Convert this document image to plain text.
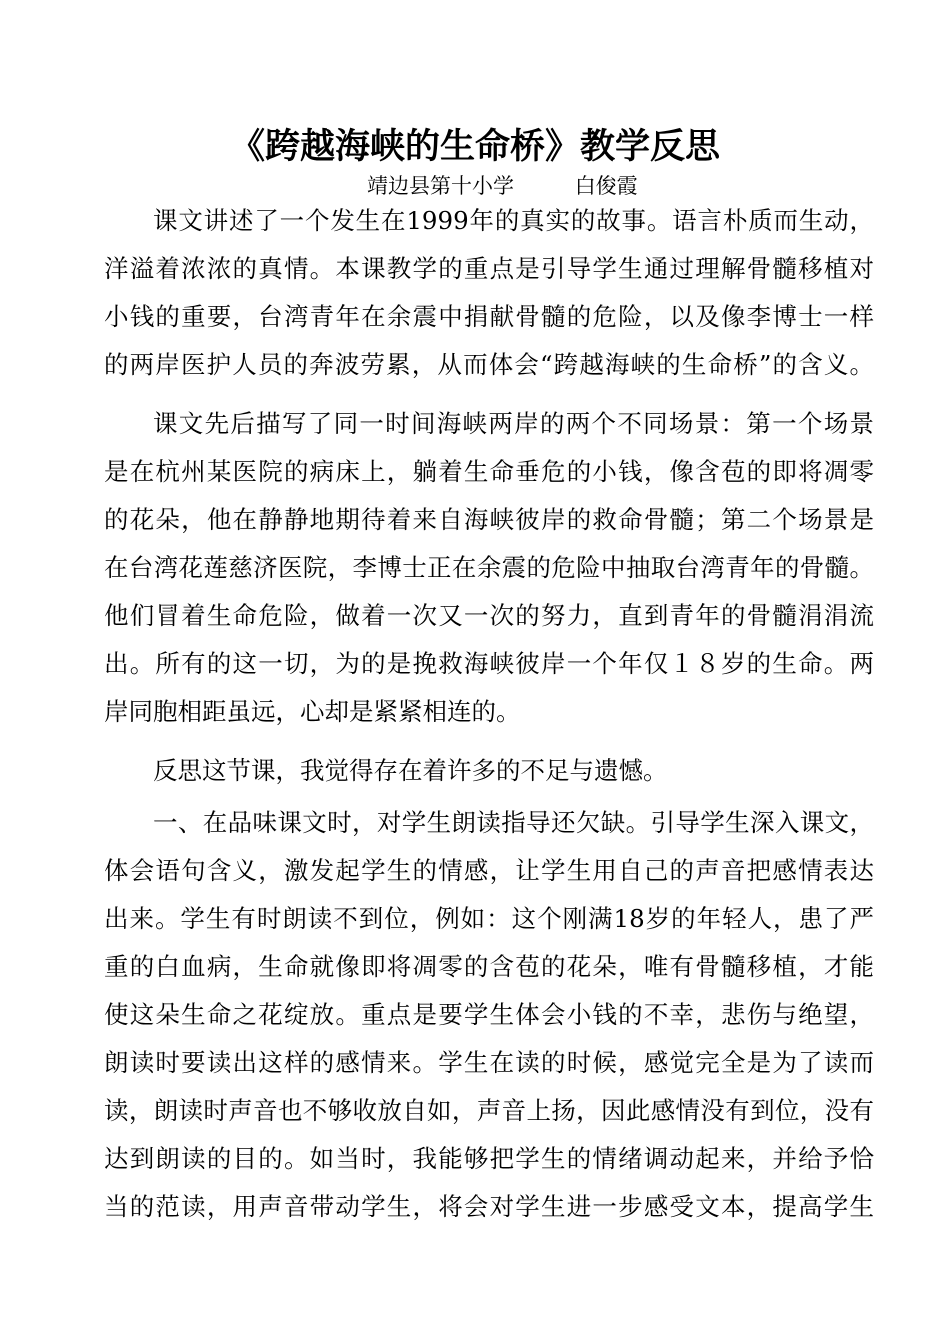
《跨越海峡的生命桥》教学反思
靖边县第十小学	白俊霞
课文讲述了一个发生在1999年的真实的故事。语言朴质而生动，
洋溢着浓浓的真情。本课教学的重点是引导学生通过理解骨髓移植对
小钱的重要，台湾青年在余震中捐献骨髓的危险，以及像李博士一样
的两岸医护人员的奔波劳累，从而体会“跨越海峡的生命桥”的含义。
课文先后描写了同一时间海峡两岸的两个不同场景：第一个场景
是在杭州某医院的病床上，躺着生命垂危的小钱，像含苞的即将凋零
的花朵，他在静静地期待着来自海峡彼岸的救命骨髓；第二个场景是
在台湾花莲慈济医院，李博士正在余震的危险中抽取台湾青年的骨髓。
他们冒着生命危险，做着一次又一次的努力，直到青年的骨髓涓涓流
出。所有的这一切，为的是挽救海峡彼岸一个年仅１８岁的生命。两
岸同胞相距虽远，心却是紧紧相连的。
反思这节课，我觉得存在着许多的不足与遗憾。
一、在品味课文时，对学生朗读指导还欠缺。引导学生深入课文，
体会语句含义，激发起学生的情感，让学生用自己的声音把感情表达
出来。学生有时朗读不到位，例如：这个刚满18岁的年轻人，患了严
重的白血病，生命就像即将凋零的含苞的花朵，唯有骨髓移植，才能
使这朵生命之花绽放。重点是要学生体会小钱的不幸，悲伤与绝望，
朗读时要读出这样的感情来。学生在读的时候，感觉完全是为了读而
读，朗读时声音也不够收放自如，声音上扬，因此感情没有到位，没有
达到朗读的目的。如当时，我能够把学生的情绪调动起来，并给予恰
当的范读，用声音带动学生，将会对学生进一步感受文本，提高学生
